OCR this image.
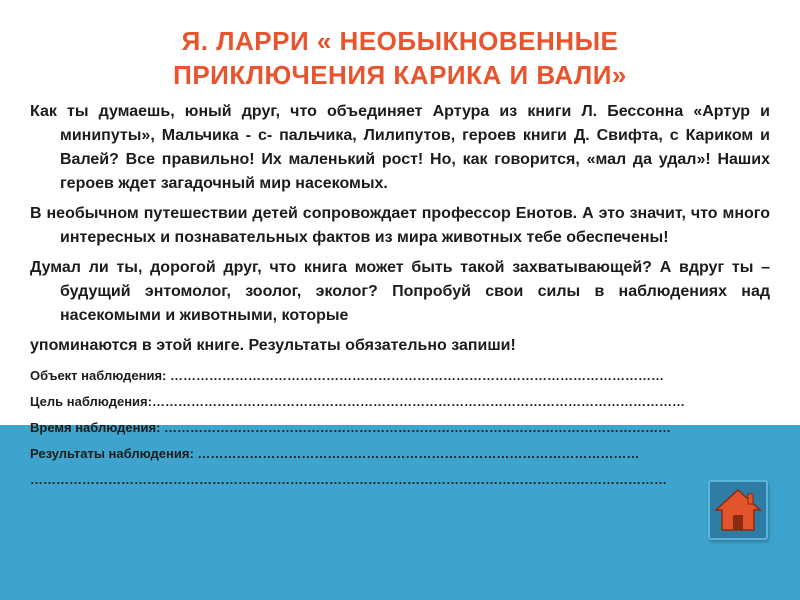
Я. ЛАРРИ « НЕОБЫКНОВЕННЫЕ
ПРИКЛЮЧЕНИЯ КАРИКА И ВАЛИ»

Как ты думаешь, юный друг, что объединяет Артура из книги Л. Бессонна «Артур и минипуты», Мальчика - с- пальчика, Лилипутов, героев книги Д. Свифта, с Кариком и Валей? Все правильно! Их маленький рост! Но, как говорится, «мал да удал»! Наших героев ждет загадочный мир насекомых.

В необычном путешествии детей сопровождает профессор Енотов. А это значит, что много интересных и познавательных фактов из мира животных тебе обеспечены!

Думал ли ты, дорогой друг, что книга может быть такой захватывающей? А вдруг ты – будущий энтомолог, зоолог, эколог? Попробуй свои силы в наблюдениях над насекомыми и животными, которые

упоминаются в этой книге. Результаты обязательно запиши!

Объект наблюдения: ……………………………………………………………………………………………………
Цель наблюдения:……………………………………………………………………………………………………………
Время наблюдения: ………………………………………………………………………………………………………
Результаты наблюдения: …………………………………………………………………………………………
…………………………………………………………………………………………………………………………………
